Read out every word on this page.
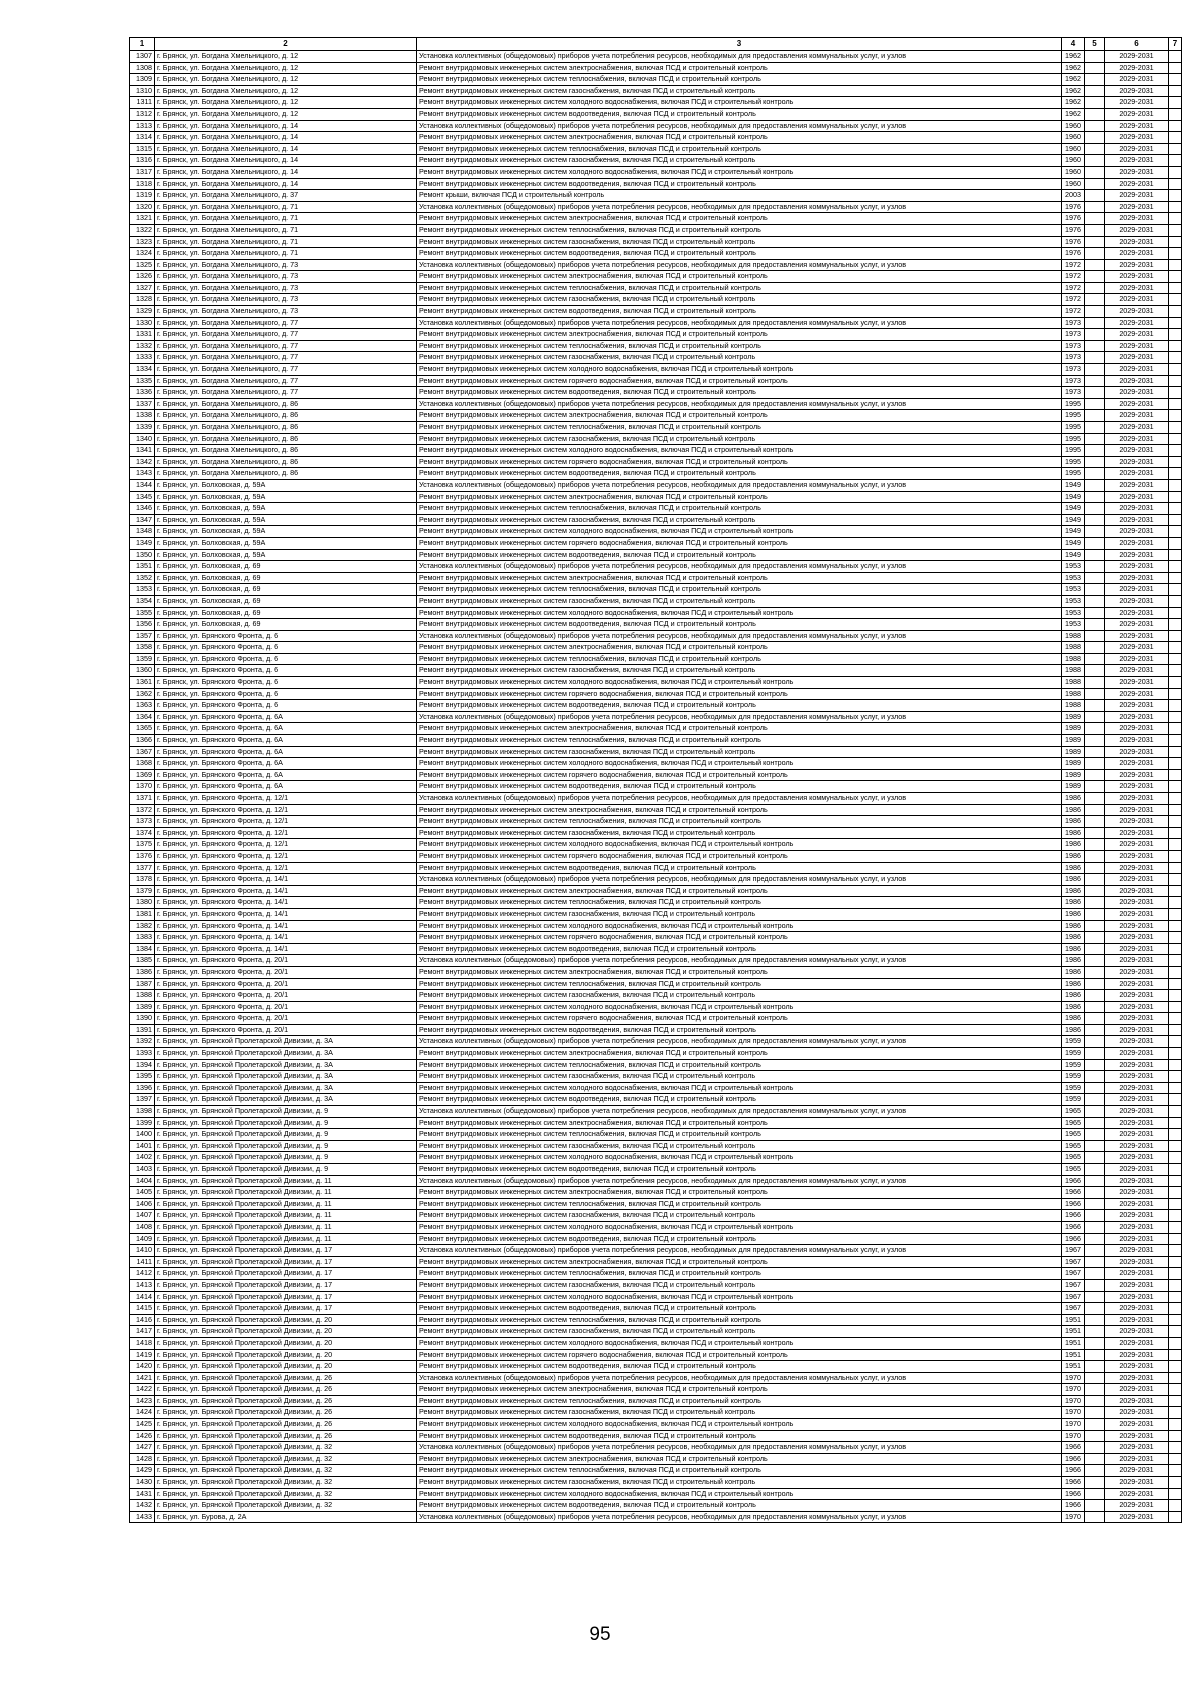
1	2	3	4	5	6	7
1307	г. Брянск, ул. Богдана Хмельницкого, д. 12	Установка коллективных (общедомовых) приборов учета потребления ресурсов, необходимых для предоставления коммунальных услуг, и узлов	1962		2029-2031	
1308	г. Брянск, ул. Богдана Хмельницкого, д. 12	Ремонт внутридомовых инженерных систем электроснабжения, включая ПСД и строительный контроль	1962		2029-2031	
1309	г. Брянск, ул. Богдана Хмельницкого, д. 12	Ремонт внутридомовых инженерных систем теплоснабжения, включая ПСД и строительный контроль	1962		2029-2031	
1310	г. Брянск, ул. Богдана Хмельницкого, д. 12	Ремонт внутридомовых инженерных систем газоснабжения, включая ПСД и строительный контроль	1962		2029-2031	
1311	г. Брянск, ул. Богдана Хмельницкого, д. 12	Ремонт внутридомовых инженерных систем холодного водоснабжения, включая ПСД и строительный контроль	1962		2029-2031	
1312	г. Брянск, ул. Богдана Хмельницкого, д. 12	Ремонт внутридомовых инженерных систем водоотведения, включая ПСД и строительный контроль	1962		2029-2031	
1313	г. Брянск, ул. Богдана Хмельницкого, д. 14	Установка коллективных (общедомовых) приборов учета потребления ресурсов, необходимых для предоставления коммунальных услуг, и узлов	1960		2029-2031	
1314	г. Брянск, ул. Богдана Хмельницкого, д. 14	Ремонт внутридомовых инженерных систем электроснабжения, включая ПСД и строительный контроль	1960		2029-2031	
1315	г. Брянск, ул. Богдана Хмельницкого, д. 14	Ремонт внутридомовых инженерных систем теплоснабжения, включая ПСД и строительный контроль	1960		2029-2031	
1316	г. Брянск, ул. Богдана Хмельницкого, д. 14	Ремонт внутридомовых инженерных систем газоснабжения, включая ПСД и строительный контроль	1960		2029-2031	
1317	г. Брянск, ул. Богдана Хмельницкого, д. 14	Ремонт внутридомовых инженерных систем холодного водоснабжения, включая ПСД и строительный контроль	1960		2029-2031	
1318	г. Брянск, ул. Богдана Хмельницкого, д. 14	Ремонт внутридомовых инженерных систем водоотведения, включая ПСД и строительный контроль	1960		2029-2031	
1319	г. Брянск, ул. Богдана Хмельницкого, д. 37	Ремонт крыши, включая ПСД и строительный контроль	2003		2029-2031	
1320	г. Брянск, ул. Богдана Хмельницкого, д. 71	Установка коллективных (общедомовых) приборов учета потребления ресурсов, необходимых для предоставления коммунальных услуг, и узлов	1976		2029-2031	
1321	г. Брянск, ул. Богдана Хмельницкого, д. 71	Ремонт внутридомовых инженерных систем электроснабжения, включая ПСД и строительный контроль	1976		2029-2031	
1322	г. Брянск, ул. Богдана Хмельницкого, д. 71	Ремонт внутридомовых инженерных систем теплоснабжения, включая ПСД и строительный контроль	1976		2029-2031	
1323	г. Брянск, ул. Богдана Хмельницкого, д. 71	Ремонт внутридомовых инженерных систем газоснабжения, включая ПСД и строительный контроль	1976		2029-2031	
1324	г. Брянск, ул. Богдана Хмельницкого, д. 71	Ремонт внутридомовых инженерных систем водоотведения, включая ПСД и строительный контроль	1976		2029-2031	
1325	г. Брянск, ул. Богдана Хмельницкого, д. 73	Установка коллективных (общедомовых) приборов учета потребления ресурсов, необходимых для предоставления коммунальных услуг, и узлов	1972		2029-2031	
1326	г. Брянск, ул. Богдана Хмельницкого, д. 73	Ремонт внутридомовых инженерных систем электроснабжения, включая ПСД и строительный контроль	1972		2029-2031	
1327	г. Брянск, ул. Богдана Хмельницкого, д. 73	Ремонт внутридомовых инженерных систем теплоснабжения, включая ПСД и строительный контроль	1972		2029-2031	
1328	г. Брянск, ул. Богдана Хмельницкого, д. 73	Ремонт внутридомовых инженерных систем газоснабжения, включая ПСД и строительный контроль	1972		2029-2031	
1329	г. Брянск, ул. Богдана Хмельницкого, д. 73	Ремонт внутридомовых инженерных систем водоотведения, включая ПСД и строительный контроль	1972		2029-2031	
1330	г. Брянск, ул. Богдана Хмельницкого, д. 77	Установка коллективных (общедомовых) приборов учета потребления ресурсов, необходимых для предоставления коммунальных услуг, и узлов	1973		2029-2031	
1331	г. Брянск, ул. Богдана Хмельницкого, д. 77	Ремонт внутридомовых инженерных систем электроснабжения, включая ПСД и строительный контроль	1973		2029-2031	
1332	г. Брянск, ул. Богдана Хмельницкого, д. 77	Ремонт внутридомовых инженерных систем теплоснабжения, включая ПСД и строительный контроль	1973		2029-2031	
1333	г. Брянск, ул. Богдана Хмельницкого, д. 77	Ремонт внутридомовых инженерных систем газоснабжения, включая ПСД и строительный контроль	1973		2029-2031	
1334	г. Брянск, ул. Богдана Хмельницкого, д. 77	Ремонт внутридомовых инженерных систем холодного водоснабжения, включая ПСД и строительный контроль	1973		2029-2031	
1335	г. Брянск, ул. Богдана Хмельницкого, д. 77	Ремонт внутридомовых инженерных систем горячего водоснабжения, включая ПСД и строительный контроль	1973		2029-2031	
1336	г. Брянск, ул. Богдана Хмельницкого, д. 77	Ремонт внутридомовых инженерных систем водоотведения, включая ПСД и строительный контроль	1973		2029-2031	
1337	г. Брянск, ул. Богдана Хмельницкого, д. 86	Установка коллективных (общедомовых) приборов учета потребления ресурсов, необходимых для предоставления коммунальных услуг, и узлов	1995		2029-2031	
1338	г. Брянск, ул. Богдана Хмельницкого, д. 86	Ремонт внутридомовых инженерных систем электроснабжения, включая ПСД и строительный контроль	1995		2029-2031	
1339	г. Брянск, ул. Богдана Хмельницкого, д. 86	Ремонт внутридомовых инженерных систем теплоснабжения, включая ПСД и строительный контроль	1995		2029-2031	
1340	г. Брянск, ул. Богдана Хмельницкого, д. 86	Ремонт внутридомовых инженерных систем газоснабжения, включая ПСД и строительный контроль	1995		2029-2031	
1341	г. Брянск, ул. Богдана Хмельницкого, д. 86	Ремонт внутридомовых инженерных систем холодного водоснабжения, включая ПСД и строительный контроль	1995		2029-2031	
1342	г. Брянск, ул. Богдана Хмельницкого, д. 86	Ремонт внутридомовых инженерных систем горячего водоснабжения, включая ПСД и строительный контроль	1995		2029-2031	
1343	г. Брянск, ул. Богдана Хмельницкого, д. 86	Ремонт внутридомовых инженерных систем водоотведения, включая ПСД и строительный контроль	1995		2029-2031	
1344	г. Брянск, ул. Болховская, д. 59А	Установка коллективных (общедомовых) приборов учета потребления ресурсов, необходимых для предоставления коммунальных услуг, и узлов	1949		2029-2031	
1345	г. Брянск, ул. Болховская, д. 59А	Ремонт внутридомовых инженерных систем электроснабжения, включая ПСД и строительный контроль	1949		2029-2031	
1346	г. Брянск, ул. Болховская, д. 59А	Ремонт внутридомовых инженерных систем теплоснабжения, включая ПСД и строительный контроль	1949		2029-2031	
1347	г. Брянск, ул. Болховская, д. 59А	Ремонт внутридомовых инженерных систем газоснабжения, включая ПСД и строительный контроль	1949		2029-2031	
1348	г. Брянск, ул. Болховская, д. 59А	Ремонт внутридомовых инженерных систем холодного водоснабжения, включая ПСД и строительный контроль	1949		2029-2031	
1349	г. Брянск, ул. Болховская, д. 59А	Ремонт внутридомовых инженерных систем горячего водоснабжения, включая ПСД и строительный контроль	1949		2029-2031	
1350	г. Брянск, ул. Болховская, д. 59А	Ремонт внутридомовых инженерных систем водоотведения, включая ПСД и строительный контроль	1949		2029-2031	
1351	г. Брянск, ул. Болховская, д. 69	Установка коллективных (общедомовых) приборов учета потребления ресурсов, необходимых для предоставления коммунальных услуг, и узлов	1953		2029-2031	
1352	г. Брянск, ул. Болховская, д. 69	Ремонт внутридомовых инженерных систем электроснабжения, включая ПСД и строительный контроль	1953		2029-2031	
1353	г. Брянск, ул. Болховская, д. 69	Ремонт внутридомовых инженерных систем теплоснабжения, включая ПСД и строительный контроль	1953		2029-2031	
1354	г. Брянск, ул. Болховская, д. 69	Ремонт внутридомовых инженерных систем газоснабжения, включая ПСД и строительный контроль	1953		2029-2031	
1355	г. Брянск, ул. Болховская, д. 69	Ремонт внутридомовых инженерных систем холодного водоснабжения, включая ПСД и строительный контроль	1953		2029-2031	
1356	г. Брянск, ул. Болховская, д. 69	Ремонт внутридомовых инженерных систем водоотведения, включая ПСД и строительный контроль	1953		2029-2031	
1357	г. Брянск, ул. Брянского Фронта, д. 6	Установка коллективных (общедомовых) приборов учета потребления ресурсов, необходимых для предоставления коммунальных услуг, и узлов	1988		2029-2031	
1358	г. Брянск, ул. Брянского Фронта, д. 6	Ремонт внутридомовых инженерных систем электроснабжения, включая ПСД и строительный контроль	1988		2029-2031	
1359	г. Брянск, ул. Брянского Фронта, д. 6	Ремонт внутридомовых инженерных систем теплоснабжения, включая ПСД и строительный контроль	1988		2029-2031	
1360	г. Брянск, ул. Брянского Фронта, д. 6	Ремонт внутридомовых инженерных систем газоснабжения, включая ПСД и строительный контроль	1988		2029-2031	
1361	г. Брянск, ул. Брянского Фронта, д. 6	Ремонт внутридомовых инженерных систем холодного водоснабжения, включая ПСД и строительный контроль	1988		2029-2031	
1362	г. Брянск, ул. Брянского Фронта, д. 6	Ремонт внутридомовых инженерных систем горячего водоснабжения, включая ПСД и строительный контроль	1988		2029-2031	
1363	г. Брянск, ул. Брянского Фронта, д. 6	Ремонт внутридомовых инженерных систем водоотведения, включая ПСД и строительный контроль	1988		2029-2031	
1364	г. Брянск, ул. Брянского Фронта, д. 6А	Установка коллективных (общедомовых) приборов учета потребления ресурсов, необходимых для предоставления коммунальных услуг, и узлов	1989		2029-2031	
1365	г. Брянск, ул. Брянского Фронта, д. 6А	Ремонт внутридомовых инженерных систем электроснабжения, включая ПСД и строительный контроль	1989		2029-2031	
1366	г. Брянск, ул. Брянского Фронта, д. 6А	Ремонт внутридомовых инженерных систем теплоснабжения, включая ПСД и строительный контроль	1989		2029-2031	
1367	г. Брянск, ул. Брянского Фронта, д. 6А	Ремонт внутридомовых инженерных систем газоснабжения, включая ПСД и строительный контроль	1989		2029-2031	
1368	г. Брянск, ул. Брянского Фронта, д. 6А	Ремонт внутридомовых инженерных систем холодного водоснабжения, включая ПСД и строительный контроль	1989		2029-2031	
1369	г. Брянск, ул. Брянского Фронта, д. 6А	Ремонт внутридомовых инженерных систем горячего водоснабжения, включая ПСД и строительный контроль	1989		2029-2031	
1370	г. Брянск, ул. Брянского Фронта, д. 6А	Ремонт внутридомовых инженерных систем водоотведения, включая ПСД и строительный контроль	1989		2029-2031	
1371	г. Брянск, ул. Брянского Фронта, д. 12/1	Установка коллективных (общедомовых) приборов учета потребления ресурсов, необходимых для предоставления коммунальных услуг, и узлов	1986		2029-2031	
1372	г. Брянск, ул. Брянского Фронта, д. 12/1	Ремонт внутридомовых инженерных систем электроснабжения, включая ПСД и строительный контроль	1986		2029-2031	
1373	г. Брянск, ул. Брянского Фронта, д. 12/1	Ремонт внутридомовых инженерных систем теплоснабжения, включая ПСД и строительный контроль	1986		2029-2031	
1374	г. Брянск, ул. Брянского Фронта, д. 12/1	Ремонт внутридомовых инженерных систем газоснабжения, включая ПСД и строительный контроль	1986		2029-2031	
1375	г. Брянск, ул. Брянского Фронта, д. 12/1	Ремонт внутридомовых инженерных систем холодного водоснабжения, включая ПСД и строительный контроль	1986		2029-2031	
1376	г. Брянск, ул. Брянского Фронта, д. 12/1	Ремонт внутридомовых инженерных систем горячего водоснабжения, включая ПСД и строительный контроль	1986		2029-2031	
1377	г. Брянск, ул. Брянского Фронта, д. 12/1	Ремонт внутридомовых инженерных систем водоотведения, включая ПСД и строительный контроль	1986		2029-2031	
1378	г. Брянск, ул. Брянского Фронта, д. 14/1	Установка коллективных (общедомовых) приборов учета потребления ресурсов, необходимых для предоставления коммунальных услуг, и узлов	1986		2029-2031	
1379	г. Брянск, ул. Брянского Фронта, д. 14/1	Ремонт внутридомовых инженерных систем электроснабжения, включая ПСД и строительный контроль	1986		2029-2031	
1380	г. Брянск, ул. Брянского Фронта, д. 14/1	Ремонт внутридомовых инженерных систем теплоснабжения, включая ПСД и строительный контроль	1986		2029-2031	
1381	г. Брянск, ул. Брянского Фронта, д. 14/1	Ремонт внутридомовых инженерных систем газоснабжения, включая ПСД и строительный контроль	1986		2029-2031	
1382	г. Брянск, ул. Брянского Фронта, д. 14/1	Ремонт внутридомовых инженерных систем холодного водоснабжения, включая ПСД и строительный контроль	1986		2029-2031	
1383	г. Брянск, ул. Брянского Фронта, д. 14/1	Ремонт внутридомовых инженерных систем горячего водоснабжения, включая ПСД и строительный контроль	1986		2029-2031	
1384	г. Брянск, ул. Брянского Фронта, д. 14/1	Ремонт внутридомовых инженерных систем водоотведения, включая ПСД и строительный контроль	1986		2029-2031	
1385	г. Брянск, ул. Брянского Фронта, д. 20/1	Установка коллективных (общедомовых) приборов учета потребления ресурсов, необходимых для предоставления коммунальных услуг, и узлов	1986		2029-2031	
1386	г. Брянск, ул. Брянского Фронта, д. 20/1	Ремонт внутридомовых инженерных систем электроснабжения, включая ПСД и строительный контроль	1986		2029-2031	
1387	г. Брянск, ул. Брянского Фронта, д. 20/1	Ремонт внутридомовых инженерных систем теплоснабжения, включая ПСД и строительный контроль	1986		2029-2031	
1388	г. Брянск, ул. Брянского Фронта, д. 20/1	Ремонт внутридомовых инженерных систем газоснабжения, включая ПСД и строительный контроль	1986		2029-2031	
1389	г. Брянск, ул. Брянского Фронта, д. 20/1	Ремонт внутридомовых инженерных систем холодного водоснабжения, включая ПСД и строительный контроль	1986		2029-2031	
1390	г. Брянск, ул. Брянского Фронта, д. 20/1	Ремонт внутридомовых инженерных систем горячего водоснабжения, включая ПСД и строительный контроль	1986		2029-2031	
1391	г. Брянск, ул. Брянского Фронта, д. 20/1	Ремонт внутридомовых инженерных систем водоотведения, включая ПСД и строительный контроль	1986		2029-2031	
1392	г. Брянск, ул. Брянской Пролетарской Дивизии, д. 3А	Установка коллективных (общедомовых) приборов учета потребления ресурсов, необходимых для предоставления коммунальных услуг, и узлов	1959		2029-2031	
1393	г. Брянск, ул. Брянской Пролетарской Дивизии, д. 3А	Ремонт внутридомовых инженерных систем электроснабжения, включая ПСД и строительный контроль	1959		2029-2031	
1394	г. Брянск, ул. Брянской Пролетарской Дивизии, д. 3А	Ремонт внутридомовых инженерных систем теплоснабжения, включая ПСД и строительный контроль	1959		2029-2031	
1395	г. Брянск, ул. Брянской Пролетарской Дивизии, д. 3А	Ремонт внутридомовых инженерных систем газоснабжения, включая ПСД и строительный контроль	1959		2029-2031	
1396	г. Брянск, ул. Брянской Пролетарской Дивизии, д. 3А	Ремонт внутридомовых инженерных систем холодного водоснабжения, включая ПСД и строительный контроль	1959		2029-2031	
1397	г. Брянск, ул. Брянской Пролетарской Дивизии, д. 3А	Ремонт внутридомовых инженерных систем водоотведения, включая ПСД и строительный контроль	1959		2029-2031	
1398	г. Брянск, ул. Брянской Пролетарской Дивизии, д. 9	Установка коллективных (общедомовых) приборов учета потребления ресурсов, необходимых для предоставления коммунальных услуг, и узлов	1965		2029-2031	
1399	г. Брянск, ул. Брянской Пролетарской Дивизии, д. 9	Ремонт внутридомовых инженерных систем электроснабжения, включая ПСД и строительный контроль	1965		2029-2031	
1400	г. Брянск, ул. Брянской Пролетарской Дивизии, д. 9	Ремонт внутридомовых инженерных систем теплоснабжения, включая ПСД и строительный контроль	1965		2029-2031	
1401	г. Брянск, ул. Брянской Пролетарской Дивизии, д. 9	Ремонт внутридомовых инженерных систем газоснабжения, включая ПСД и строительный контроль	1965		2029-2031	
1402	г. Брянск, ул. Брянской Пролетарской Дивизии, д. 9	Ремонт внутридомовых инженерных систем холодного водоснабжения, включая ПСД и строительный контроль	1965		2029-2031	
1403	г. Брянск, ул. Брянской Пролетарской Дивизии, д. 9	Ремонт внутридомовых инженерных систем водоотведения, включая ПСД и строительный контроль	1965		2029-2031	
1404	г. Брянск, ул. Брянской Пролетарской Дивизии, д. 11	Установка коллективных (общедомовых) приборов учета потребления ресурсов, необходимых для предоставления коммунальных услуг, и узлов	1966		2029-2031	
1405	г. Брянск, ул. Брянской Пролетарской Дивизии, д. 11	Ремонт внутридомовых инженерных систем электроснабжения, включая ПСД и строительный контроль	1966		2029-2031	
1406	г. Брянск, ул. Брянской Пролетарской Дивизии, д. 11	Ремонт внутридомовых инженерных систем теплоснабжения, включая ПСД и строительный контроль	1966		2029-2031	
1407	г. Брянск, ул. Брянской Пролетарской Дивизии, д. 11	Ремонт внутридомовых инженерных систем газоснабжения, включая ПСД и строительный контроль	1966		2029-2031	
1408	г. Брянск, ул. Брянской Пролетарской Дивизии, д. 11	Ремонт внутридомовых инженерных систем холодного водоснабжения, включая ПСД и строительный контроль	1966		2029-2031	
1409	г. Брянск, ул. Брянской Пролетарской Дивизии, д. 11	Ремонт внутридомовых инженерных систем водоотведения, включая ПСД и строительный контроль	1966		2029-2031	
1410	г. Брянск, ул. Брянской Пролетарской Дивизии, д. 17	Установка коллективных (общедомовых) приборов учета потребления ресурсов, необходимых для предоставления коммунальных услуг, и узлов	1967		2029-2031	
1411	г. Брянск, ул. Брянской Пролетарской Дивизии, д. 17	Ремонт внутридомовых инженерных систем электроснабжения, включая ПСД и строительный контроль	1967		2029-2031	
1412	г. Брянск, ул. Брянской Пролетарской Дивизии, д. 17	Ремонт внутридомовых инженерных систем теплоснабжения, включая ПСД и строительный контроль	1967		2029-2031	
1413	г. Брянск, ул. Брянской Пролетарской Дивизии, д. 17	Ремонт внутридомовых инженерных систем газоснабжения, включая ПСД и строительный контроль	1967		2029-2031	
1414	г. Брянск, ул. Брянской Пролетарской Дивизии, д. 17	Ремонт внутридомовых инженерных систем холодного водоснабжения, включая ПСД и строительный контроль	1967		2029-2031	
1415	г. Брянск, ул. Брянской Пролетарской Дивизии, д. 17	Ремонт внутридомовых инженерных систем водоотведения, включая ПСД и строительный контроль	1967		2029-2031	
1416	г. Брянск, ул. Брянской Пролетарской Дивизии, д. 20	Ремонт внутридомовых инженерных систем теплоснабжения, включая ПСД и строительный контроль	1951		2029-2031	
1417	г. Брянск, ул. Брянской Пролетарской Дивизии, д. 20	Ремонт внутридомовых инженерных систем газоснабжения, включая ПСД и строительный контроль	1951		2029-2031	
1418	г. Брянск, ул. Брянской Пролетарской Дивизии, д. 20	Ремонт внутридомовых инженерных систем холодного водоснабжения, включая ПСД и строительный контроль	1951		2029-2031	
1419	г. Брянск, ул. Брянской Пролетарской Дивизии, д. 20	Ремонт внутридомовых инженерных систем горячего водоснабжения, включая ПСД и строительный контроль	1951		2029-2031	
1420	г. Брянск, ул. Брянской Пролетарской Дивизии, д. 20	Ремонт внутридомовых инженерных систем водоотведения, включая ПСД и строительный контроль	1951		2029-2031	
1421	г. Брянск, ул. Брянской Пролетарской Дивизии, д. 26	Установка коллективных (общедомовых) приборов учета потребления ресурсов, необходимых для предоставления коммунальных услуг, и узлов	1970		2029-2031	
1422	г. Брянск, ул. Брянской Пролетарской Дивизии, д. 26	Ремонт внутридомовых инженерных систем электроснабжения, включая ПСД и строительный контроль	1970		2029-2031	
1423	г. Брянск, ул. Брянской Пролетарской Дивизии, д. 26	Ремонт внутридомовых инженерных систем теплоснабжения, включая ПСД и строительный контроль	1970		2029-2031	
1424	г. Брянск, ул. Брянской Пролетарской Дивизии, д. 26	Ремонт внутридомовых инженерных систем газоснабжения, включая ПСД и строительный контроль	1970		2029-2031	
1425	г. Брянск, ул. Брянской Пролетарской Дивизии, д. 26	Ремонт внутридомовых инженерных систем холодного водоснабжения, включая ПСД и строительный контроль	1970		2029-2031	
1426	г. Брянск, ул. Брянской Пролетарской Дивизии, д. 26	Ремонт внутридомовых инженерных систем водоотведения, включая ПСД и строительный контроль	1970		2029-2031	
1427	г. Брянск, ул. Брянской Пролетарской Дивизии, д. 32	Установка коллективных (общедомовых) приборов учета потребления ресурсов, необходимых для предоставления коммунальных услуг, и узлов	1966		2029-2031	
1428	г. Брянск, ул. Брянской Пролетарской Дивизии, д. 32	Ремонт внутридомовых инженерных систем электроснабжения, включая ПСД и строительный контроль	1966		2029-2031	
1429	г. Брянск, ул. Брянской Пролетарской Дивизии, д. 32	Ремонт внутридомовых инженерных систем теплоснабжения, включая ПСД и строительный контроль	1966		2029-2031	
1430	г. Брянск, ул. Брянской Пролетарской Дивизии, д. 32	Ремонт внутридомовых инженерных систем газоснабжения, включая ПСД и строительный контроль	1966		2029-2031	
1431	г. Брянск, ул. Брянской Пролетарской Дивизии, д. 32	Ремонт внутридомовых инженерных систем холодного водоснабжения, включая ПСД и строительный контроль	1966		2029-2031	
1432	г. Брянск, ул. Брянской Пролетарской Дивизии, д. 32	Ремонт внутридомовых инженерных систем водоотведения, включая ПСД и строительный контроль	1966		2029-2031	
1433	г. Брянск, ул. Бурова, д. 2А	Установка коллективных (общедомовых) приборов учета потребления ресурсов, необходимых для предоставления коммунальных услуг, и узлов	1970		2029-2031	
95
